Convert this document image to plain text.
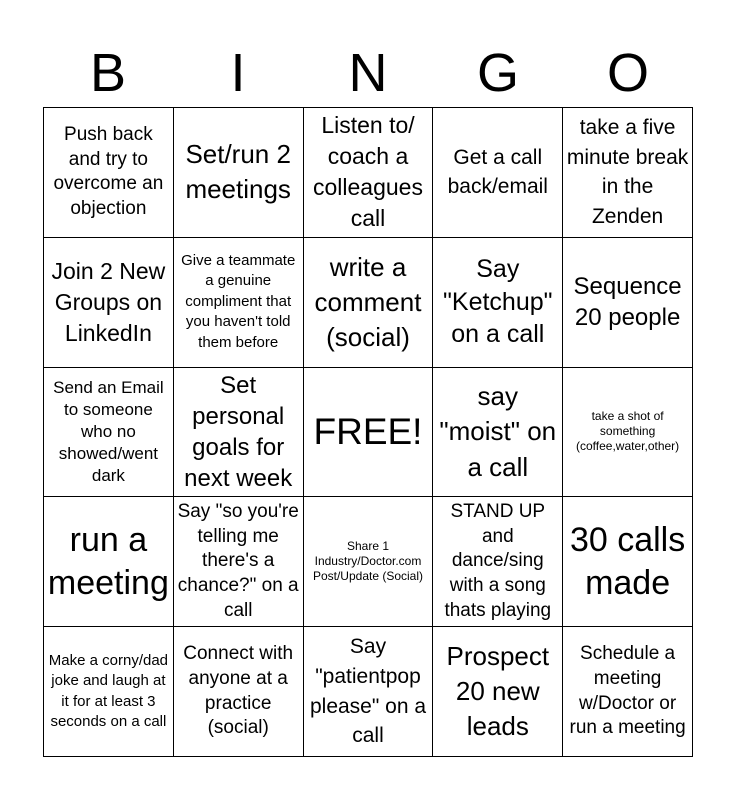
B	I	N	G	O
Push back and try to overcome an objection
Set/run 2 meetings
Listen to/ coach a colleagues call
Get a call back/email
take a five minute break in the Zenden
Join 2 New Groups on LinkedIn
Give a teammate a genuine compliment that you haven't told them before
write a comment (social)
Say "Ketchup" on a call
Sequence 20 people
Send an Email to someone who no showed/went dark
Set personal goals for next week
FREE!
say "moist" on a call
take a shot of something (coffee,water,other)
run a meeting
Say "so you're telling me there's a chance?" on a call
Share 1 Industry/Doctor.com Post/Update (Social)
STAND UP and dance/sing with a song thats playing
30 calls made
Make a corny/dad joke and laugh at it for at least 3 seconds on a call
Connect with anyone at a practice (social)
Say "patientpop please" on a call
Prospect 20 new leads
Schedule a meeting w/Doctor or run a meeting
